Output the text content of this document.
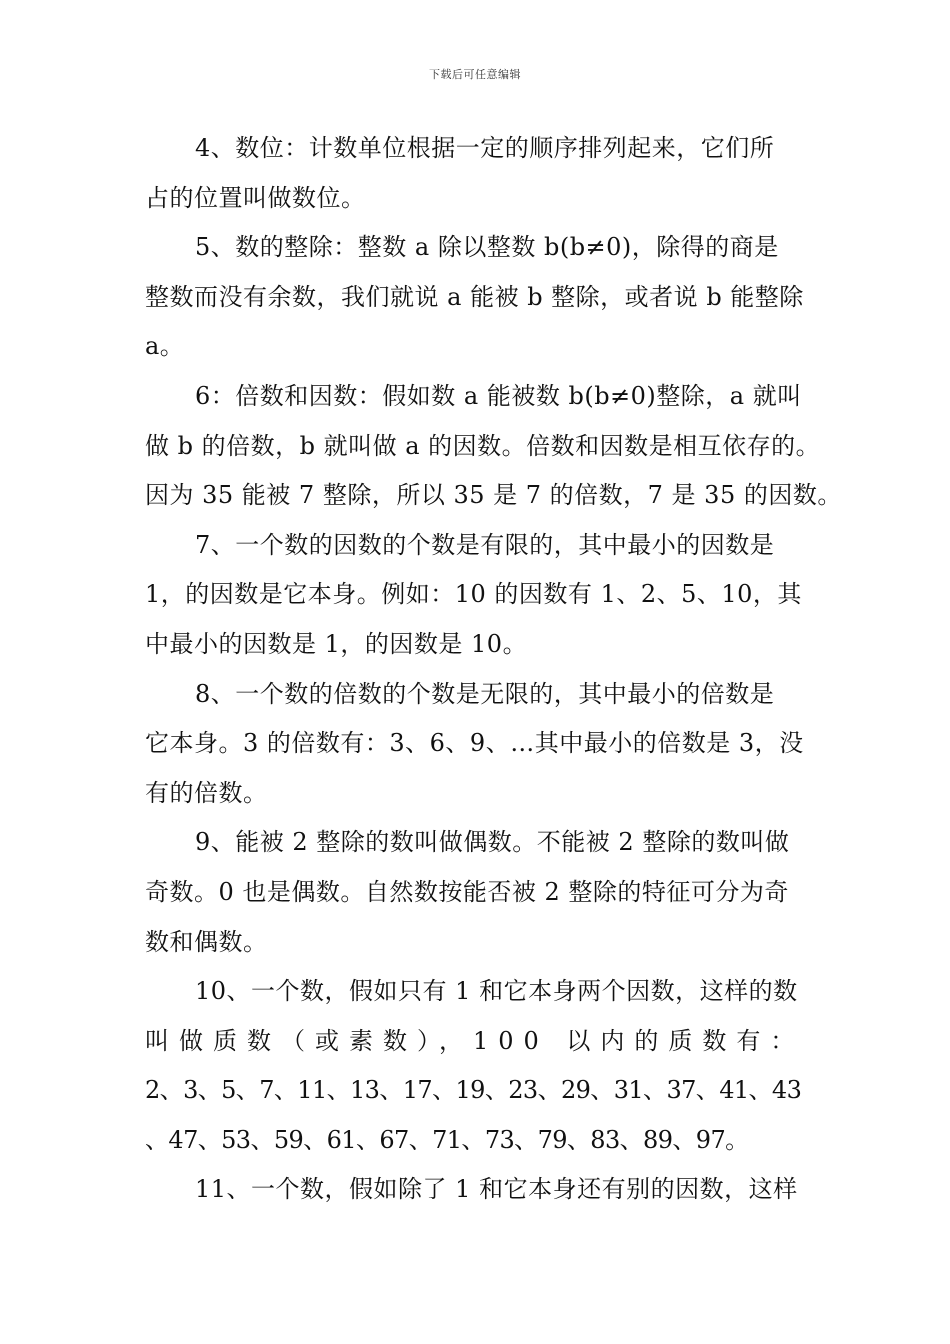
下载后可任意编辑

4、数位：计数单位根据一定的顺序排列起来，它们所
占的位置叫做数位。

5、数的整除：整数 a 除以整数 b(b≠0)，除得的商是
整数而没有余数，我们就说 a 能被 b 整除，或者说 b 能整除
a。

6：倍数和因数：假如数 a 能被数 b(b≠0)整除，a 就叫
做 b 的倍数，b 就叫做 a 的因数。倍数和因数是相互依存的。
因为 35 能被 7 整除，所以 35 是 7 的倍数，7 是 35 的因数。

7、一个数的因数的个数是有限的，其中最小的因数是
1，的因数是它本身。例如：10 的因数有 1、2、5、10，其
中最小的因数是 1，的因数是 10。

8、一个数的倍数的个数是无限的，其中最小的倍数是
它本身。3 的倍数有：3、6、9、…其中最小的倍数是 3，没
有的倍数。

9、能被 2 整除的数叫做偶数。不能被 2 整除的数叫做
奇数。0 也是偶数。自然数按能否被 2 整除的特征可分为奇
数和偶数。

10、一个数，假如只有 1 和它本身两个因数，这样的数
叫做质数（或素数），100 以内的质数有：
2、3、5、7、11、13、17、19、23、29、31、37、41、43
、47、53、59、61、67、71、73、79、83、89、97。

11、一个数，假如除了 1 和它本身还有别的因数，这样
